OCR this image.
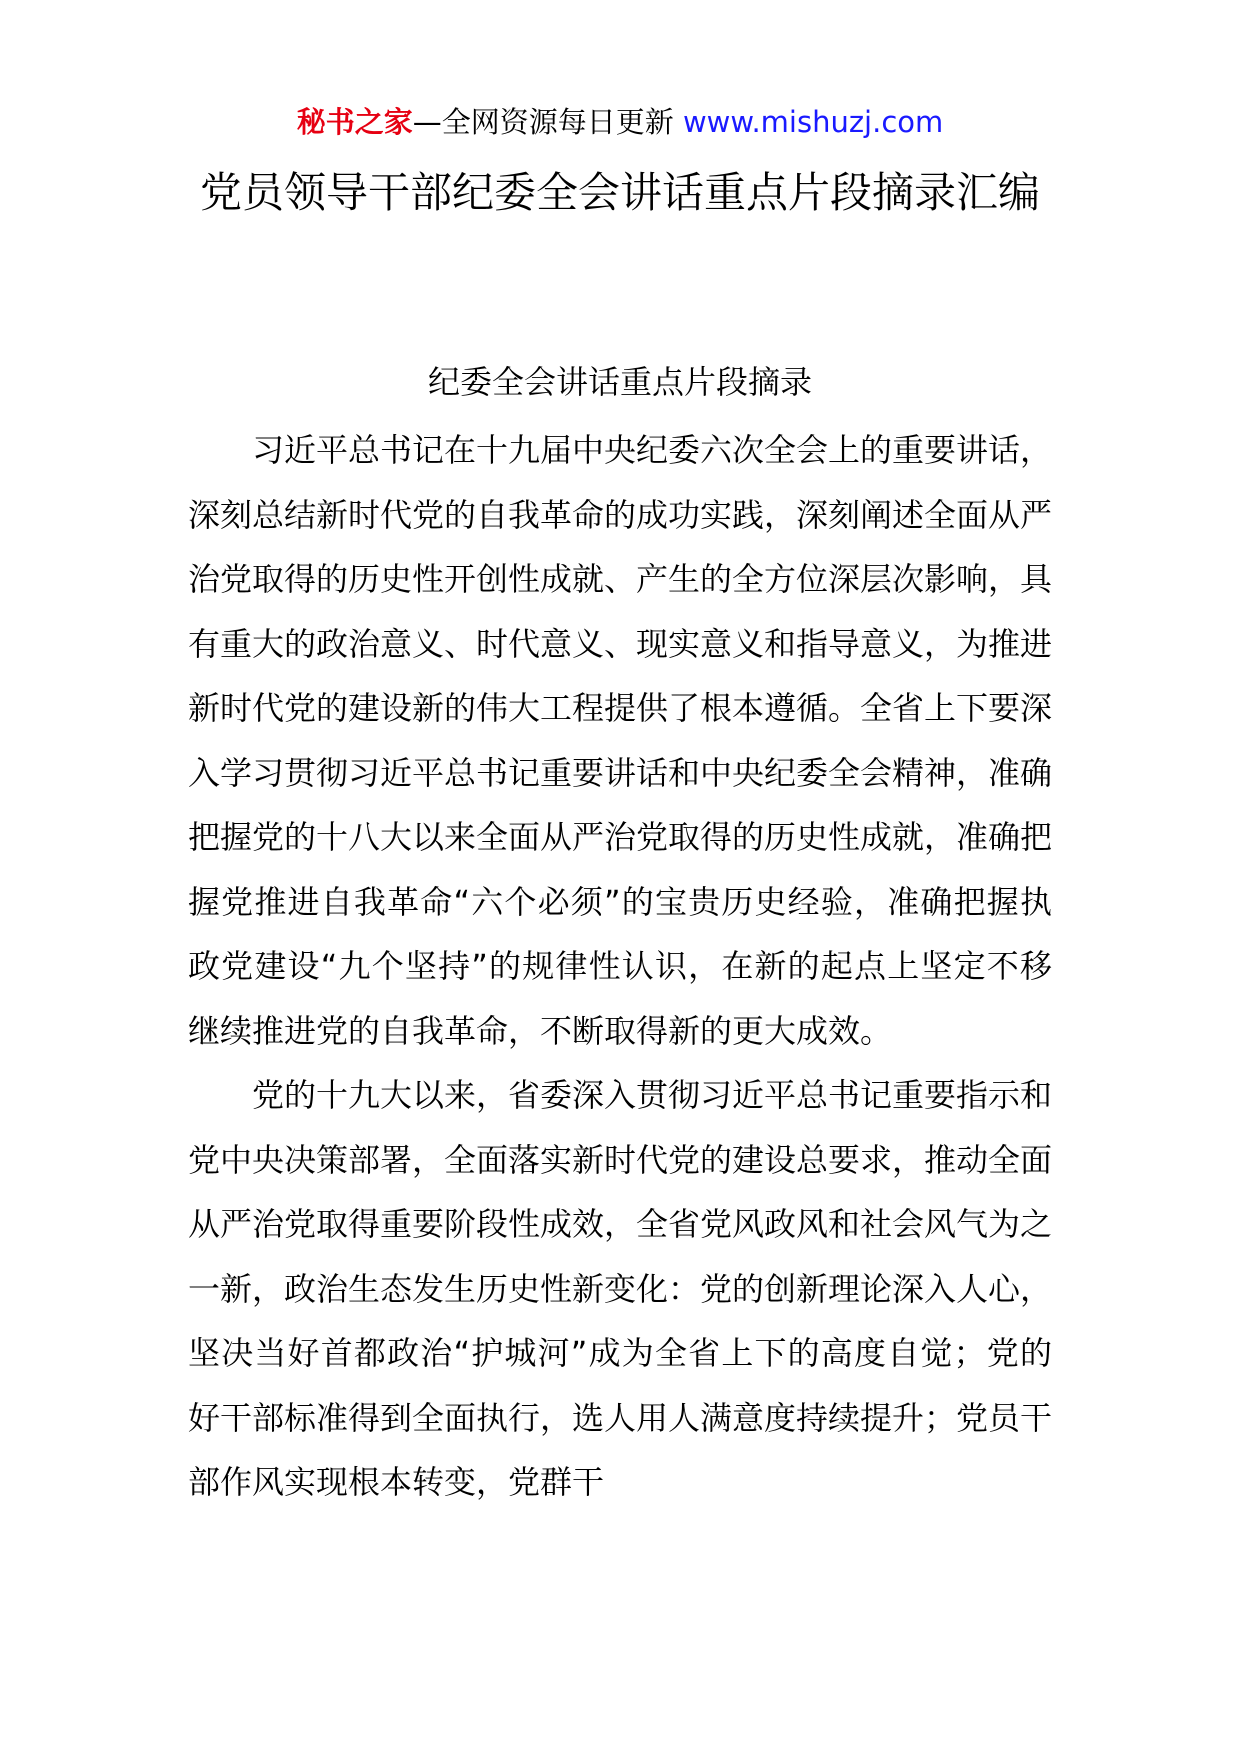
秘书之家—全网资源每日更新 www.mishuzj.com
党员领导干部纪委全会讲话重点片段摘录汇编
纪委全会讲话重点片段摘录

习近平总书记在十九届中央纪委六次全会上的重要讲话，深刻总结新时代党的自我革命的成功实践，深刻阐述全面从严治党取得的历史性开创性成就、产生的全方位深层次影响，具有重大的政治意义、时代意义、现实意义和指导意义，为推进新时代党的建设新的伟大工程提供了根本遵循。全省上下要深入学习贯彻习近平总书记重要讲话和中央纪委全会精神，准确把握党的十八大以来全面从严治党取得的历史性成就，准确把握党推进自我革命“六个必须”的宝贵历史经验，准确把握执政党建设“九个坚持”的规律性认识，在新的起点上坚定不移继续推进党的自我革命，不断取得新的更大成效。

党的十九大以来，省委深入贯彻习近平总书记重要指示和党中央决策部署，全面落实新时代党的建设总要求，推动全面从严治党取得重要阶段性成效，全省党风政风和社会风气为之一新，政治生态发生历史性新变化：党的创新理论深入人心，坚决当好首都政治“护城河”成为全省上下的高度自觉；党的好干部标准得到全面执行，选人用人满意度持续提升；党员干部作风实现根本转变，党群干
